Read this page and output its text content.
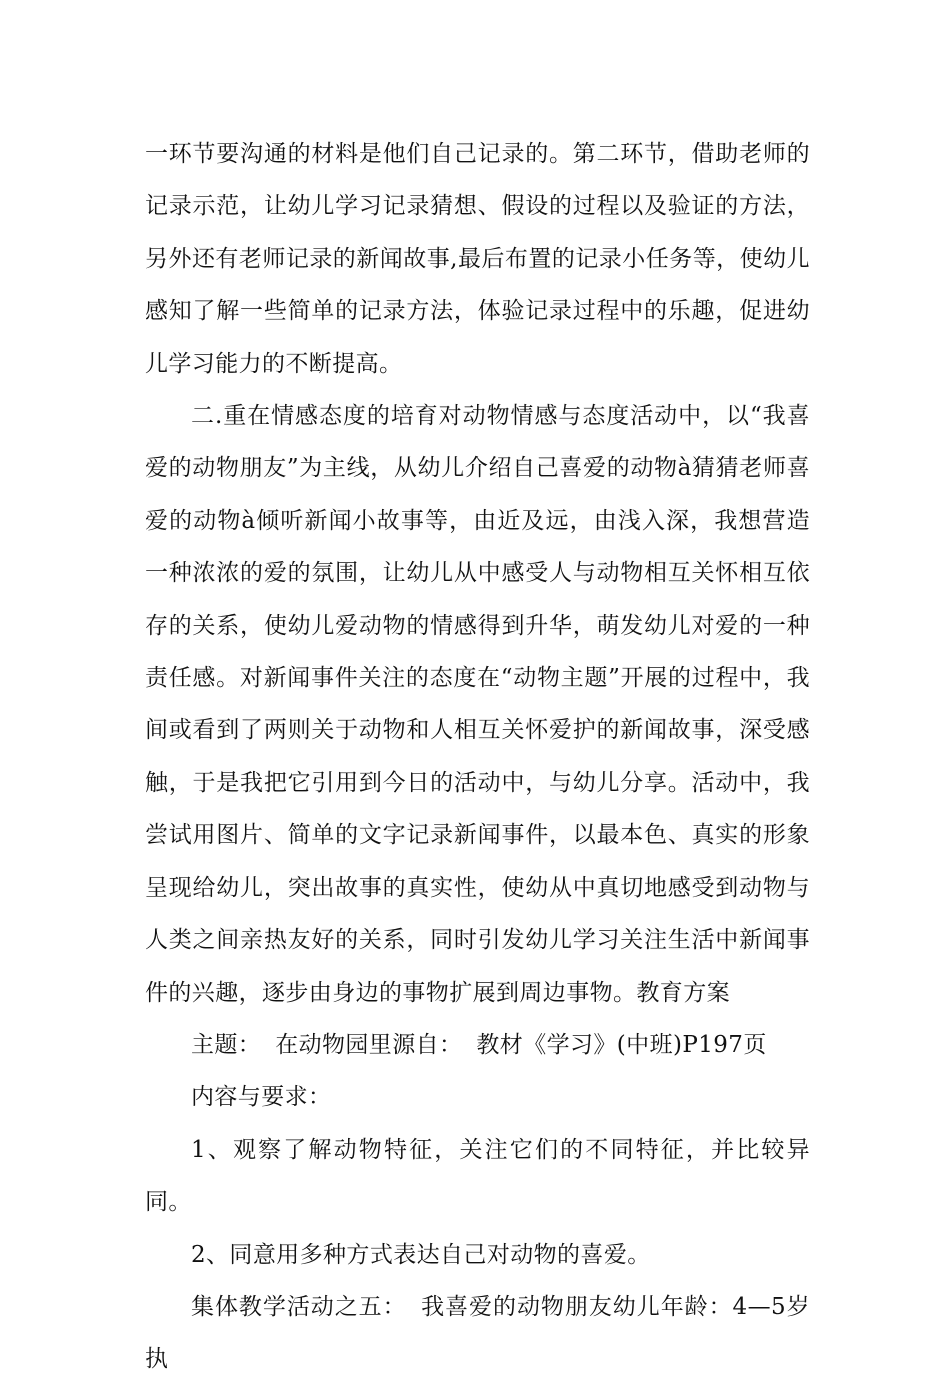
一环节要沟通的材料是他们自己记录的。第二环节，借助老师的记录示范，让幼儿学习记录猜想、假设的过程以及验证的方法，另外还有老师记录的新闻故事,最后布置的记录小任务等，使幼儿感知了解一些简单的记录方法，体验记录过程中的乐趣，促进幼儿学习能力的不断提高。

二.重在情感态度的培育对动物情感与态度活动中，以“我喜爱的动物朋友”为主线，从幼儿介绍自己喜爱的动物à猜猜老师喜爱的动物à倾听新闻小故事等，由近及远，由浅入深，我想营造一种浓浓的爱的氛围，让幼儿从中感受人与动物相互关怀相互依存的关系，使幼儿爱动物的情感得到升华，萌发幼儿对爱的一种责任感。对新闻事件关注的态度在“动物主题”开展的过程中，我间或看到了两则关于动物和人相互关怀爱护的新闻故事，深受感触，于是我把它引用到今日的活动中，与幼儿分享。活动中，我尝试用图片、简单的文字记录新闻事件，以最本色、真实的形象呈现给幼儿，突出故事的真实性，使幼从中真切地感受到动物与人类之间亲热友好的关系，同时引发幼儿学习关注生活中新闻事件的兴趣，逐步由身边的事物扩展到周边事物。教育方案

主题： 在动物园里源自： 教材《学习》(中班)P197页

内容与要求：

1、观察了解动物特征，关注它们的不同特征，并比较异同。

2、同意用多种方式表达自己对动物的喜爱。

集体教学活动之五： 我喜爱的动物朋友幼儿年龄：4—5岁执
